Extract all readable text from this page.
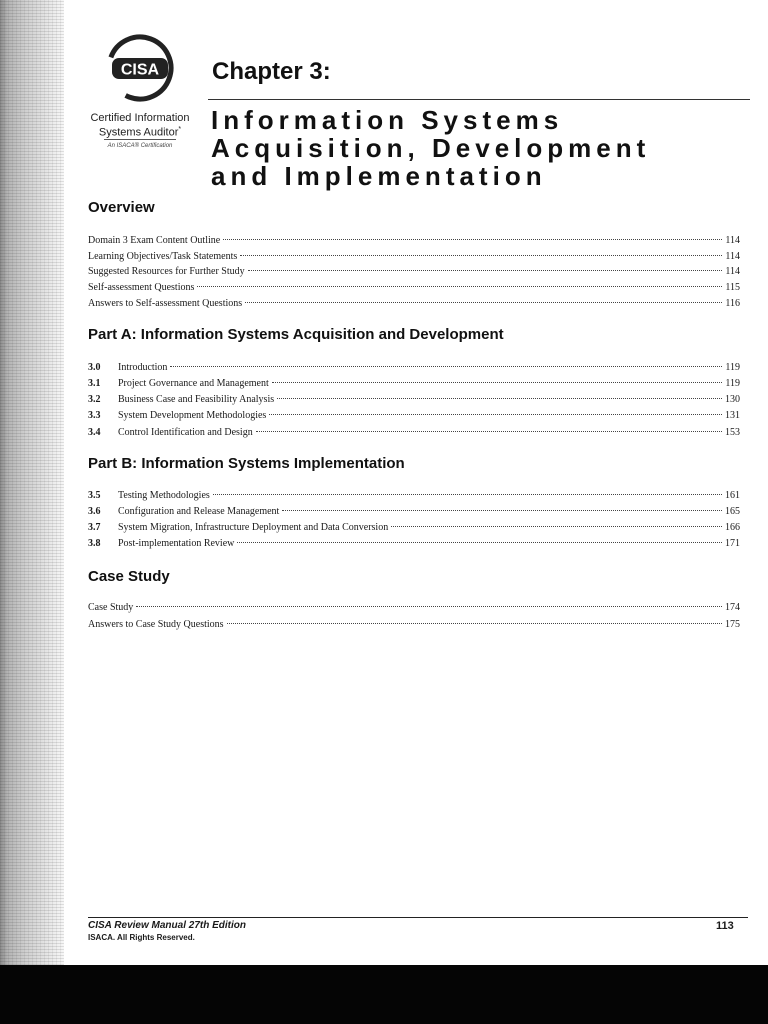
CISA
Certified Information
Systems Auditor*
An ISACA® Certification
Chapter 3:
Information Systems
Acquisition, Development
and Implementation
Overview
Domain 3 Exam Content Outline	114
Learning Objectives/Task Statements	114
Suggested Resources for Further Study	114
Self-assessment Questions	115
Answers to Self-assessment Questions	116
Part A: Information Systems Acquisition and Development
3.0	Introduction	119
3.1	Project Governance and Management	119
3.2	Business Case and Feasibility Analysis	130
3.3	System Development Methodologies	131
3.4	Control Identification and Design	153
Part B: Information Systems Implementation
3.5	Testing Methodologies	161
3.6	Configuration and Release Management	165
3.7	System Migration, Infrastructure Deployment and Data Conversion	166
3.8	Post-implementation Review	171
Case Study
Case Study	174
Answers to Case Study Questions	175
CISA Review Manual 27th Edition
ISACA. All Rights Reserved.
113
